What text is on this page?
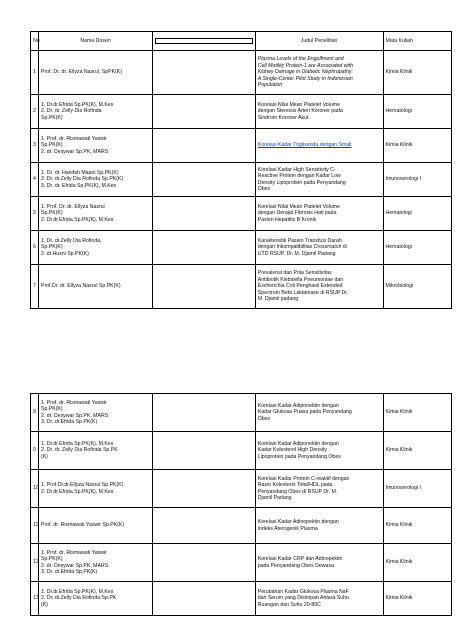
No	Nama Dosen		Judul Penelitian	Mata Kuliah
1	Prof. Dr. dr. Ellyza Nasrul, SpPK(K)		Plasma Levels of the Engulfment and
Cell Motility Protein-1 are Associated with
Kidney Damage in Diabetic Nephropathy:
A Single-Center Pilot Study in Indonesian
Population	Kimia Klinik
2	1. Dr.dr.Efrida Sp.PK(K), M.Kes
2. Dr. dr. Zelly Dia Rofinda
Sp.PK(K)		Korelasi Nilai Mean Platelet Volume
dengan Stenosis Arteri Koroner pada
Sindrom Koroner Akut	Hematologi
3	1. Prof. dr. Rismawati Yaswir
Sp.PK(K)
2. dr. Desywar Sp.PK, MARS		Korelasi Kadar Trigliserida dengan Small	Kimia Klinik
4	1. Dr. dr. Hanifah Maani Sp.PK(K)
2. Dr. dr.Zelly Dia Rofinda Sp.PK(K)
3. Dr. dr. Efrida Sp.PK(K), M.Kes		Korelasi Kadar High Sensitivity C-
Reactive Protein dengan Kadar Low
Density Lipoprotein pada Penyandang
Obes	Imunoserologi I
5	1. Prof. Dr. dr. Ellyza Nasrul
Sp.PK(K)
2. Dr.dr.Efrida Sp.PK(K), M.Kes		Korelasi Nilai Mean Platelet Volume
dengan Derajat Fibrosis Hati pada
Pasien Hepatitis B Kronik	Hematologi
6	1. Dr. dr.Zelly Dia Rofinda,
Sp.PK(K)
2. dr.Husni Sp.PK(K)		Karakteristik Pasien Transfusi Darah
dengan Inkompatibilitas Crossmatch di
UTD RSUP. Dr. M. Djamil Padang	Hematologi
7	Prof.Dr. dr. Ellyza Nasrul Sp.PK(K)		Prevalensi dan Pola Sensitivitas
Antibiotik Klebsiella Pneumoniae dan
Escherichia Coli Penghasil Extended
Spectrum Beta Laktamase di RSUP Dr.
M. Djamil padang	Mikrobiologi
8	1. Prof. dr. Rismawati Yaswir
Sp.PK(K)
2. dr. Desywar Sp.PK, MARS
3. Dr. dr.Efrida Sp.PK(K)		Korelasi Kadar Adiponektin dengan
Kadar Glukosa Puasa pada Penyandang
Obes	Kimia Klinik
9	1. Dr.dr.Efrida Sp.PK(K), M.Kes
2. Dr. dr. Zelly Dia Rofinda Sp.PK
(K)		Korelasi Kadar Adiponektin dengan
Kadar Kolesterol High Density
Lipoprotein pada Penyandang Obes	Kimia Klinik
10	1. Prof.Dr.dr.Ellyza Nasrul Sp.PK(K)
2. Dr.dr.Efrida Sp.PK(K), M.Kes		Korelasi Kadar Protein C-reaktif dengan
Rasio Kolesterol Total/HDL pada
Penyandang Obes di RSUP Dr. M.
Djamil Padang	Imunoserologi I
11	Prof. dr. Rismawati Yaswir Sp.PK(K)		Korelasi Kadar Adinopektin dengan
Indeks Aterogenik Plasma	Kimia Klinik
12	1. Prof. dr. Rismawati Yaswir
Sp.PK(K)
2. dr. Desywar Sp.PK, MARS
3. Dr. dr.Efrida Sp.PK(K)		Korelasi Kadar CRP dan Adinopektin
pada Penyandang Obes Dewasa	Kimia Klinik
13	1. Dr.dr.Efrida Sp.PK(K), M.Kes
2. Dr. dr.Zelly Dia Rofinda Sp.PK
(K)		Perubahan Kadar Glukosa Plasma NaF
dan Serum yang Disimpan Antara Suhu
Ruangan dan Suhu 20-80C	Kimia Klinik
